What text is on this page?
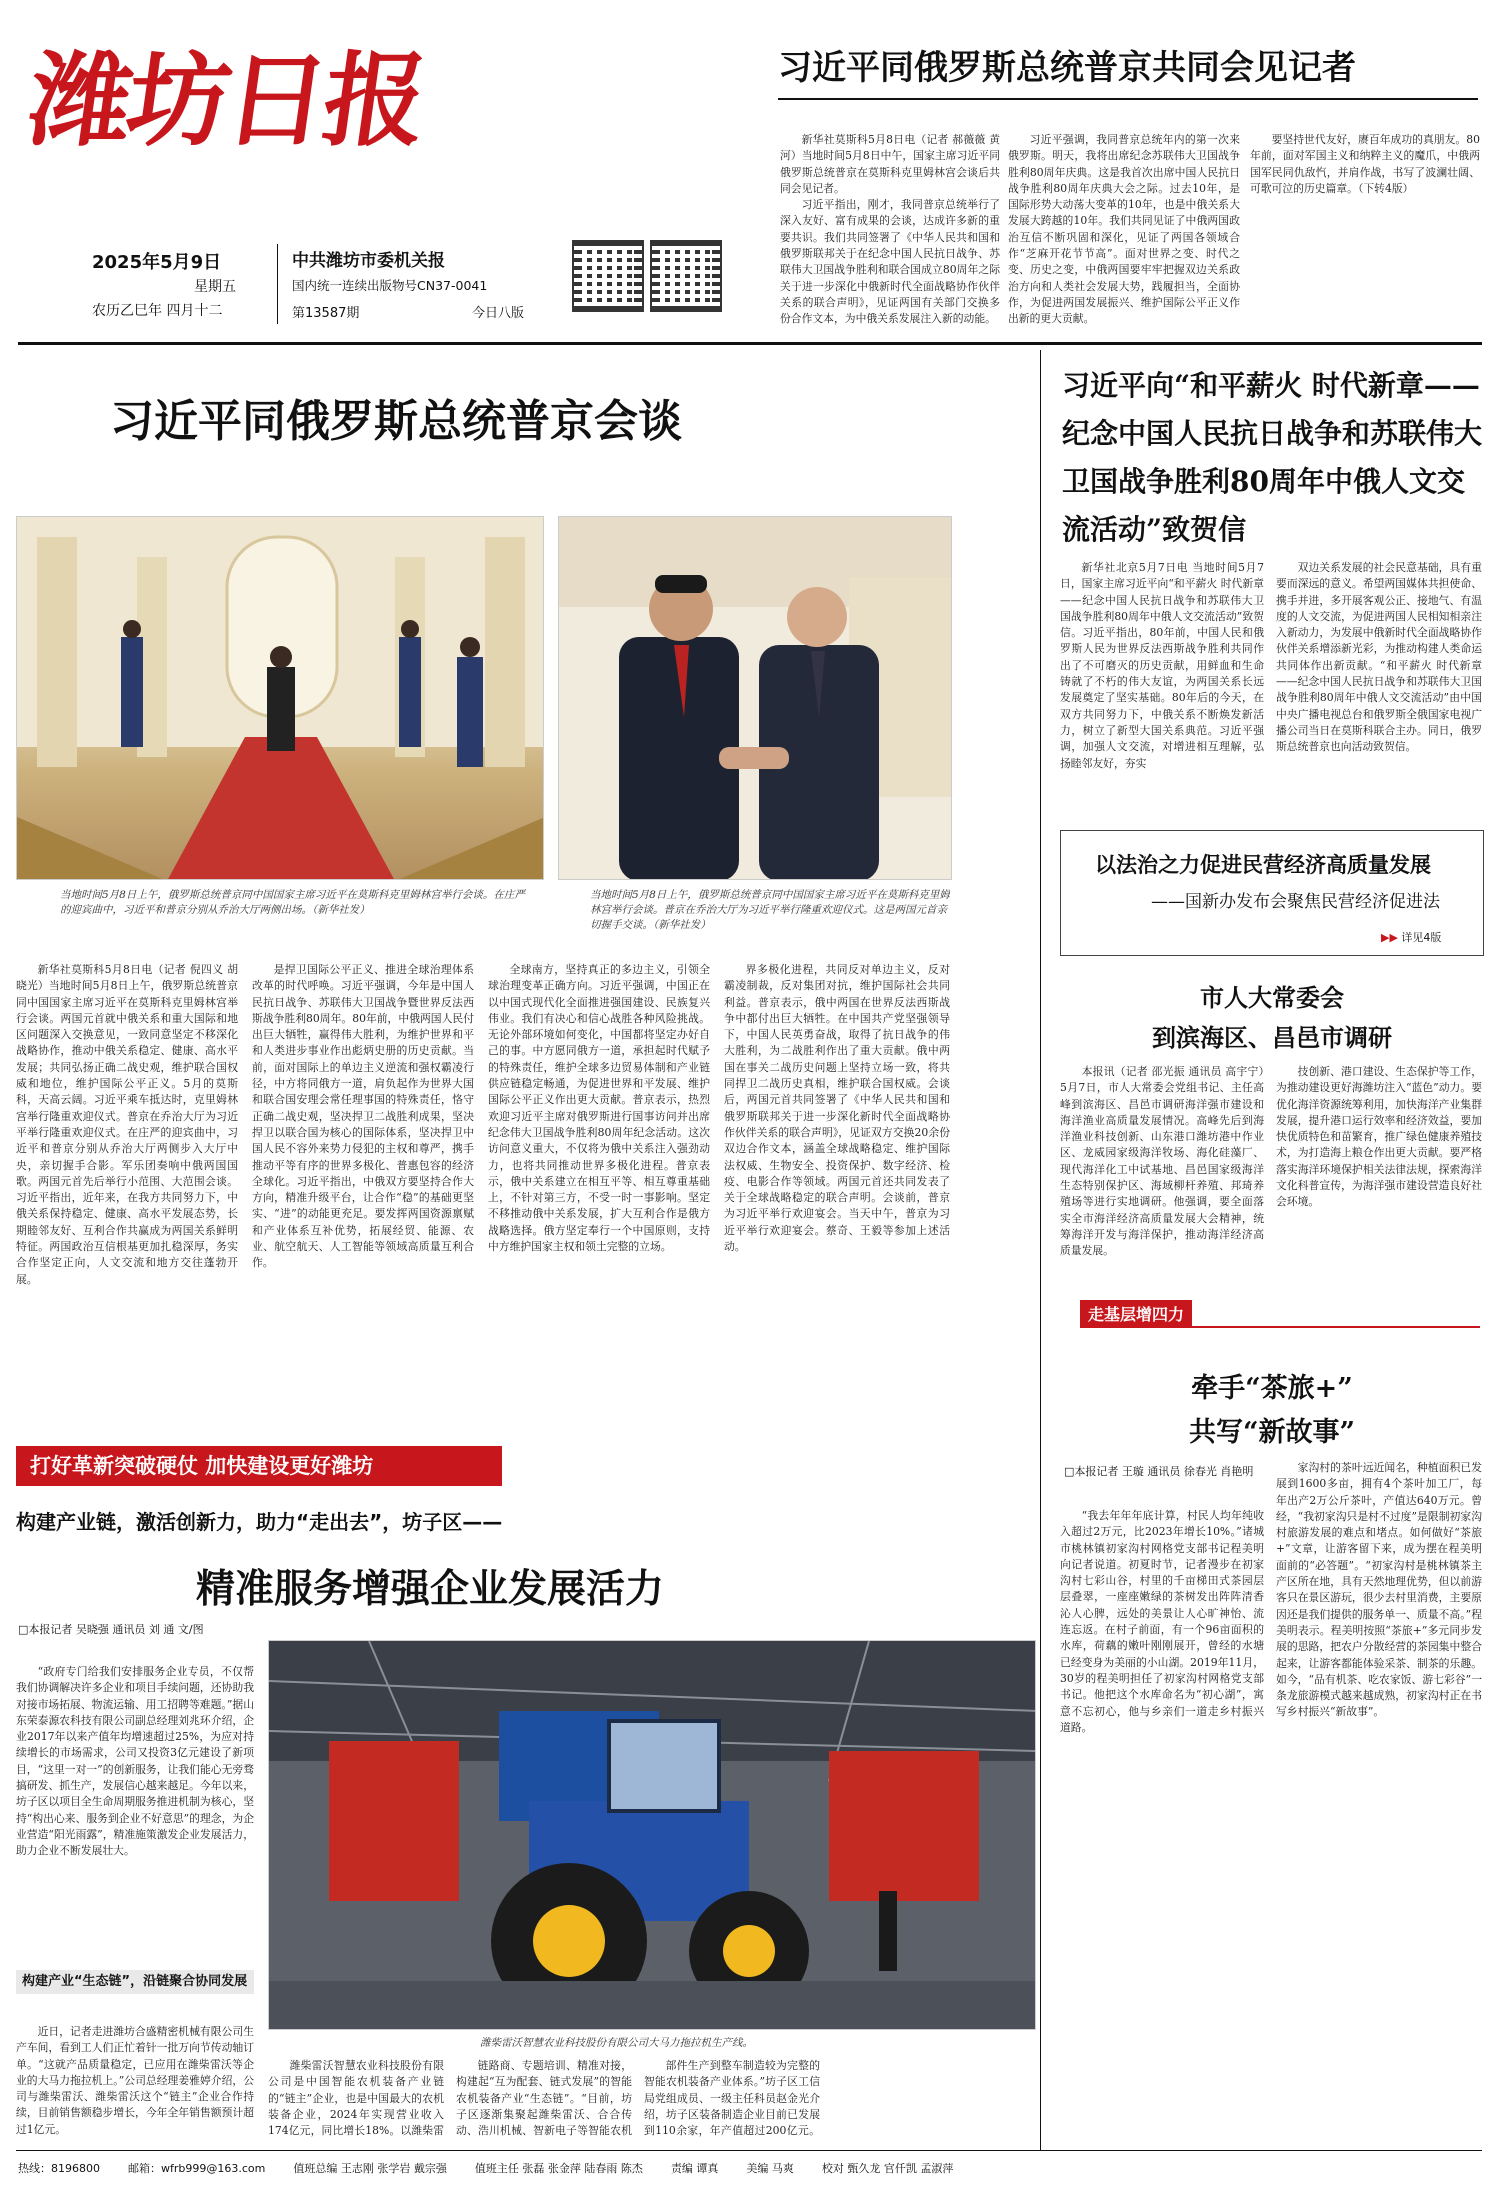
潍坊日报
2025年5月9日
星期五
农历乙巳年 四月十二
中共潍坊市委机关报
国内统一连续出版物号CN37-0041
第13587期	今日八版
习近平同俄罗斯总统普京共同会见记者

新华社莫斯科5月8日电（记者 郝薇薇 黄河）当地时间5月8日中午，国家主席习近平同俄罗斯总统普京在莫斯科克里姆林宫会谈后共同会见记者。

习近平指出，刚才，我同普京总统举行了深入友好、富有成果的会谈，达成许多新的重要共识。我们共同签署了《中华人民共和国和俄罗斯联邦关于在纪念中国人民抗日战争、苏联伟大卫国战争胜利和联合国成立80周年之际关于进一步深化中俄新时代全面战略协作伙伴关系的联合声明》，见证两国有关部门交换多份合作文本，为中俄关系发展注入新的动能。

习近平强调，我同普京总统年内的第一次来俄罗斯。明天，我将出席纪念苏联伟大卫国战争胜利80周年庆典。这是我首次出席中国人民抗日战争胜利80周年庆典大会之际。过去10年，是国际形势大动荡大变革的10年，也是中俄关系大发展大跨越的10年。我们共同见证了中俄两国政治互信不断巩固和深化，见证了两国各领域合作“芝麻开花节节高”。面对世界之变、时代之变、历史之变，中俄两国要牢牢把握双边关系政治方向和人类社会发展大势，践履担当，全面协作，为促进两国发展振兴、维护国际公平正义作出新的更大贡献。

要坚持世代友好，赓百年成功的真朋友。80年前，面对军国主义和纳粹主义的魔爪，中俄两国军民同仇敌忾，并肩作战，书写了波澜壮阔、可歌可泣的历史篇章。（下转4版）

习近平同俄罗斯总统普京会谈
当地时间5月8日上午，俄罗斯总统普京同中国国家主席习近平在莫斯科克里姆林宫举行会谈。在庄严的迎宾曲中，习近平和普京分别从乔治大厅两侧出场。（新华社发）
当地时间5月8日上午，俄罗斯总统普京同中国国家主席习近平在莫斯科克里姆林宫举行会谈。普京在乔治大厅为习近平举行隆重欢迎仪式。这是两国元首亲切握手交谈。（新华社发）

新华社莫斯科5月8日电（记者 倪四义 胡晓光）当地时间5月8日上午，俄罗斯总统普京同中国国家主席习近平在莫斯科克里姆林宫举行会谈。两国元首就中俄关系和重大国际和地区问题深入交换意见，一致同意坚定不移深化战略协作，推动中俄关系稳定、健康、高水平发展；共同弘扬正确二战史观，维护联合国权威和地位，维护国际公平正义。5月的莫斯科，天高云阔。习近平乘车抵达时，克里姆林宫举行隆重欢迎仪式。普京在乔治大厅为习近平举行隆重欢迎仪式。在庄严的迎宾曲中，习近平和普京分别从乔治大厅两侧步入大厅中央，亲切握手合影。军乐团奏响中俄两国国歌。两国元首先后举行小范围、大范围会谈。习近平指出，近年来，在我方共同努力下，中俄关系保持稳定、健康、高水平发展态势，长期睦邻友好、互利合作共赢成为两国关系鲜明特征。两国政治互信根基更加扎稳深厚，务实合作坚定正向，人文交流和地方交往蓬勃开展。

是捍卫国际公平正义、推进全球治理体系改革的时代呼唤。习近平强调，今年是中国人民抗日战争、苏联伟大卫国战争暨世界反法西斯战争胜利80周年。80年前，中俄两国人民付出巨大牺牲，赢得伟大胜利，为维护世界和平和人类进步事业作出彪炳史册的历史贡献。当前，面对国际上的单边主义逆流和强权霸凌行径，中方将同俄方一道，肩负起作为世界大国和联合国安理会常任理事国的特殊责任，恪守正确二战史观，坚决捍卫二战胜利成果，坚决捍卫以联合国为核心的国际体系，坚决捍卫中国人民不容外来势力侵犯的主权和尊严，携手推动平等有序的世界多极化、普惠包容的经济全球化。习近平指出，中俄双方要坚持合作大方向，精准升级平台，让合作“稳”的基础更坚实、“进”的动能更充足。要发挥两国资源禀赋和产业体系互补优势，拓展经贸、能源、农业、航空航天、人工智能等领域高质量互利合作。

全球南方，坚持真正的多边主义，引领全球治理变革正确方向。习近平强调，中国正在以中国式现代化全面推进强国建设、民族复兴伟业。我们有决心和信心战胜各种风险挑战。无论外部环境如何变化，中国都将坚定办好自己的事。中方愿同俄方一道，承担起时代赋予的特殊责任，维护全球多边贸易体制和产业链供应链稳定畅通，为促进世界和平发展、维护国际公平正义作出更大贡献。普京表示，热烈欢迎习近平主席对俄罗斯进行国事访问并出席纪念伟大卫国战争胜利80周年纪念活动。这次访问意义重大，不仅将为俄中关系注入强劲动力，也将共同推动世界多极化进程。普京表示，俄中关系建立在相互平等、相互尊重基础上，不针对第三方，不受一时一事影响。坚定不移推动俄中关系发展，扩大互利合作是俄方战略选择。俄方坚定奉行一个中国原则，支持中方维护国家主权和领土完整的立场。

界多极化进程，共同反对单边主义，反对霸凌制裁，反对集团对抗，维护国际社会共同利益。普京表示，俄中两国在世界反法西斯战争中都付出巨大牺牲。在中国共产党坚强领导下，中国人民英勇奋战，取得了抗日战争的伟大胜利，为二战胜利作出了重大贡献。俄中两国在事关二战历史问题上坚持立场一致，将共同捍卫二战历史真相，维护联合国权威。会谈后，两国元首共同签署了《中华人民共和国和俄罗斯联邦关于进一步深化新时代全面战略协作伙伴关系的联合声明》，见证双方交换20余份双边合作文本，涵盖全球战略稳定、维护国际法权威、生物安全、投资保护、数字经济、检疫、电影合作等领域。两国元首还共同发表了关于全球战略稳定的联合声明。会谈前，普京为习近平举行欢迎宴会。当天中午，普京为习近平举行欢迎宴会。蔡奇、王毅等参加上述活动。

习近平向“和平薪火 时代新章——纪念中国人民抗日战争和苏联伟大卫国战争胜利80周年中俄人文交流活动”致贺信

新华社北京5月7日电 当地时间5月7日，国家主席习近平向“和平薪火 时代新章——纪念中国人民抗日战争和苏联伟大卫国战争胜利80周年中俄人文交流活动”致贺信。习近平指出，80年前，中国人民和俄罗斯人民为世界反法西斯战争胜利共同作出了不可磨灭的历史贡献，用鲜血和生命铸就了不朽的伟大友谊，为两国关系长远发展奠定了坚实基础。80年后的今天，在双方共同努力下，中俄关系不断焕发新活力，树立了新型大国关系典范。习近平强调，加强人文交流，对增进相互理解，弘扬睦邻友好，夯实

双边关系发展的社会民意基础，具有重要而深远的意义。希望两国媒体共担使命、携手并进，多开展客观公正、接地气、有温度的人文交流，为促进两国人民相知相亲注入新动力，为发展中俄新时代全面战略协作伙伴关系增添新光彩，为推动构建人类命运共同体作出新贡献。“和平薪火 时代新章——纪念中国人民抗日战争和苏联伟大卫国战争胜利80周年中俄人文交流活动”由中国中央广播电视总台和俄罗斯全俄国家电视广播公司当日在莫斯科联合主办。同日，俄罗斯总统普京也向活动致贺信。

以法治之力促进民营经济高质量发展
——国新办发布会聚焦民营经济促进法
▶▶ 详见4版
市人大常委会
到滨海区、昌邑市调研

本报讯（记者 邵光振 通讯员 高宇宁）5月7日，市人大常委会党组书记、主任高峰到滨海区、昌邑市调研海洋强市建设和海洋渔业高质量发展情况。高峰先后到海洋渔业科技创新、山东港口潍坊港中作业区、龙威园家级海洋牧场、海化硅藻厂、现代海洋化工中试基地、昌邑国家级海洋生态特别保护区、海域柳杆养殖、邦琦养殖场等进行实地调研。他强调，要全面落实全市海洋经济高质量发展大会精神，统筹海洋开发与海洋保护，推动海洋经济高质量发展。

技创新、港口建设、生态保护等工作，为推动建设更好海潍坊注入“蓝色”动力。要优化海洋资源统筹利用，加快海洋产业集群发展，提升港口运行效率和经济效益，要加快优质特色和苗繁育，推广绿色健康养殖技术，为打造海上粮仓作出更大贡献。要严格落实海洋环境保护相关法律法规，探索海洋文化科普宣传，为海洋强市建设营造良好社会环境。

走基层增四力
牵手“茶旅+”
共写“新故事”
□本报记者 王璇 通讯员 徐春光 肖艳明

“我去年年年底计算，村民人均年纯收入超过2万元，比2023年增长10%。”诸城市桃林镇初家沟村网格党支部书记程美明向记者说道。初夏时节，记者漫步在初家沟村七彩山谷，村里的千亩梯田式茶园层层叠翠，一座座嫩绿的茶树发出阵阵清香沁人心脾，远处的美景让人心旷神怡、流连忘返。在村子前面，有一个96亩面积的水库，荷藕的嫩叶刚刚展开，曾经的水塘已经变身为美丽的小山湖。2019年11月，30岁的程美明担任了初家沟村网格党支部书记。他把这个水库命名为“初心湖”，寓意不忘初心，他与乡亲们一道走乡村振兴道路。

家沟村的茶叶远近闻名，种植面积已发展到1600多亩，拥有4个茶叶加工厂，每年出产2万公斤茶叶，产值达640万元。曾经，“我初家沟只是村不过度”是限制初家沟村旅游发展的难点和堵点。如何做好“茶旅+”文章，让游客留下来，成为摆在程美明面前的“必答题”。“初家沟村是桃林镇茶主产区所在地，具有天然地理优势，但以前游客只在景区游玩，很少去村里消费，主要原因还是我们提供的服务单一、质量不高。”程美明表示。程美明按照“茶旅+”多元同步发展的思路，把农户分散经营的茶园集中整合起来，让游客都能体验采茶、制茶的乐趣。如今，“品有机茶、吃农家饭、游七彩谷”一条龙旅游模式越来越成熟，初家沟村正在书写乡村振兴“新故事”。

打好革新突破硬仗 加快建设更好潍坊
构建产业链，激活创新力，助力“走出去”，坊子区——
精准服务增强企业发展活力
□本报记者 吴晓强 通讯员 刘 通 文/图

“政府专门给我们安排服务企业专员，不仅帮我们协调解决许多企业和项目手续问题，还协助我对接市场拓展、物流运输、用工招聘等难题。”据山东荣泰源农科技有限公司副总经理刘兆环介绍，企业2017年以来产值年均增速超过25%，为应对持续增长的市场需求，公司又投资3亿元建设了新项目，“这里一对一”的创新服务，让我们能心无旁骛搞研发、抓生产，发展信心越来越足。今年以来，坊子区以项目全生命周期服务推进机制为核心，坚持“构出心来、服务到企业不好意思”的理念，为企业营造“阳光雨露”，精准施策激发企业发展活力，助力企业不断发展壮大。

构建产业“生态链”，沿链聚合协同发展

近日，记者走进潍坊合盛精密机械有限公司生产车间，看到工人们正忙着针一批万向节传动轴订单。“这就产品质量稳定，已应用在潍柴雷沃等企业的大马力拖拉机上。”公司总经理姜雅婷介绍，公司与潍柴雷沃、潍柴雷沃这个“链主”企业合作持续，目前销售额稳步增长，今年全年销售额预计超过1亿元。

潍柴雷沃智慧农业科技股份有限公司大马力拖拉机生产线。

潍柴雷沃智慧农业科技股份有限公司是中国智能农机装备产业链的“链主”企业，也是中国最大的农机装备企业，2024年实现营业收入174亿元，同比增长18%。以潍柴雷

链路商、专题培训、精准对接，构建起“互为配套、链式发展”的智能农机装备产业“生态链”。“目前，坊子区逐渐集聚起潍柴雷沃、合合传动、浩川机械、智新电子等智能农机

部件生产到整车制造较为完整的智能农机装备产业体系。”坊子区工信局党组成员、一级主任科员赵金光介绍，坊子区装备制造企业目前已发展到110余家，年产值超过200亿元。

热线：8196800	邮箱：wfrb999@163.com	值班总编 王志刚 张学岩 戴宗强	值班主任 张磊 张金萍 陆春雨 陈杰	责编 谭真	美编 马爽	校对 甄久龙 官仟凯 孟淑萍
